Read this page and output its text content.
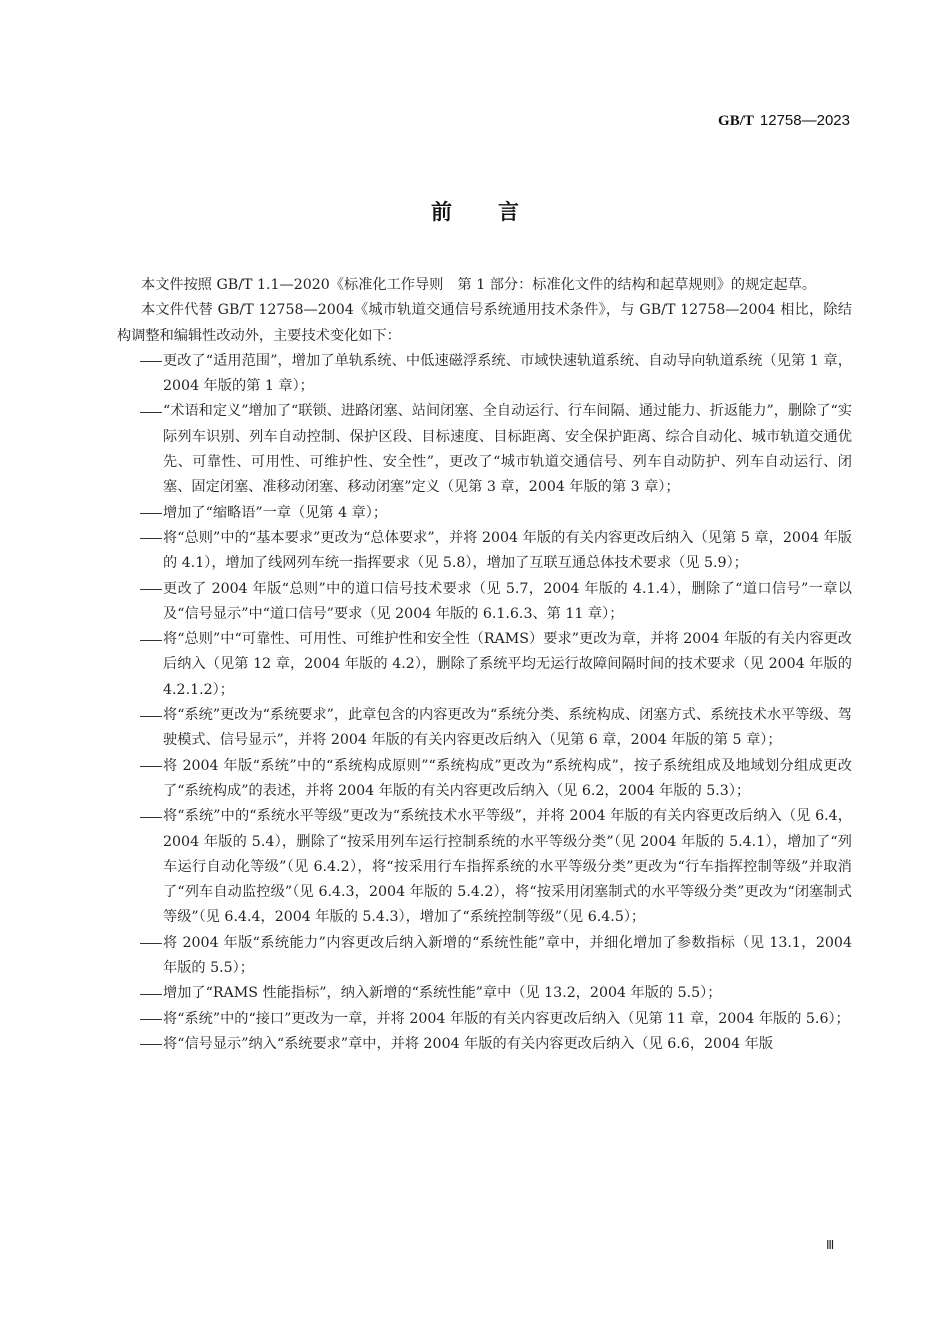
GB/T 12758—2023
前言

本文件按照 GB/T 1.1—2020《标准化工作导则　第 1 部分：标准化文件的结构和起草规则》的规定起草。

本文件代替 GB/T 12758—2004《城市轨道交通信号系统通用技术条件》，与 GB/T 12758—2004 相比，除结构调整和编辑性改动外，主要技术变化如下：

更改了“适用范围”，增加了单轨系统、中低速磁浮系统、市域快速轨道系统、自动导向轨道系统（见第 1 章，2004 年版的第 1 章）；
“术语和定义”增加了“联锁、进路闭塞、站间闭塞、全自动运行、行车间隔、通过能力、折返能力”，删除了“实际列车识别、列车自动控制、保护区段、目标速度、目标距离、安全保护距离、综合自动化、城市轨道交通优先、可靠性、可用性、可维护性、安全性”，更改了“城市轨道交通信号、列车自动防护、列车自动运行、闭塞、固定闭塞、准移动闭塞、移动闭塞”定义（见第 3 章，2004 年版的第 3 章）；
增加了“缩略语”一章（见第 4 章）；
将“总则”中的“基本要求”更改为“总体要求”，并将 2004 年版的有关内容更改后纳入（见第 5 章，2004 年版的 4.1），增加了线网列车统一指挥要求（见 5.8），增加了互联互通总体技术要求（见 5.9）；
更改了 2004 年版“总则”中的道口信号技术要求（见 5.7，2004 年版的 4.1.4），删除了“道口信号”一章以及“信号显示”中“道口信号”要求（见 2004 年版的 6.1.6.3、第 11 章）；
将“总则”中“可靠性、可用性、可维护性和安全性（RAMS）要求”更改为章，并将 2004 年版的有关内容更改后纳入（见第 12 章，2004 年版的 4.2），删除了系统平均无运行故障间隔时间的技术要求（见 2004 年版的 4.2.1.2）；
将“系统”更改为“系统要求”，此章包含的内容更改为“系统分类、系统构成、闭塞方式、系统技术水平等级、驾驶模式、信号显示”，并将 2004 年版的有关内容更改后纳入（见第 6 章，2004 年版的第 5 章）；
将 2004 年版“系统”中的“系统构成原则”“系统构成”更改为“系统构成”，按子系统组成及地域划分组成更改了“系统构成”的表述，并将 2004 年版的有关内容更改后纳入（见 6.2，2004 年版的 5.3）；
将“系统”中的“系统水平等级”更改为“系统技术水平等级”，并将 2004 年版的有关内容更改后纳入（见 6.4，2004 年版的 5.4），删除了“按采用列车运行控制系统的水平等级分类”（见 2004 年版的 5.4.1），增加了“列车运行自动化等级”（见 6.4.2），将“按采用行车指挥系统的水平等级分类”更改为“行车指挥控制等级”并取消了“列车自动监控级”（见 6.4.3，2004 年版的 5.4.2），将“按采用闭塞制式的水平等级分类”更改为“闭塞制式等级”（见 6.4.4，2004 年版的 5.4.3），增加了“系统控制等级”（见 6.4.5）；
将 2004 年版“系统能力”内容更改后纳入新增的“系统性能”章中，并细化增加了参数指标（见 13.1，2004 年版的 5.5）；
增加了“RAMS 性能指标”，纳入新增的“系统性能”章中（见 13.2，2004 年版的 5.5）；
将“系统”中的“接口”更改为一章，并将 2004 年版的有关内容更改后纳入（见第 11 章，2004 年版的 5.6）；
将“信号显示”纳入“系统要求”章中，并将 2004 年版的有关内容更改后纳入（见 6.6，2004 年版
Ⅲ
